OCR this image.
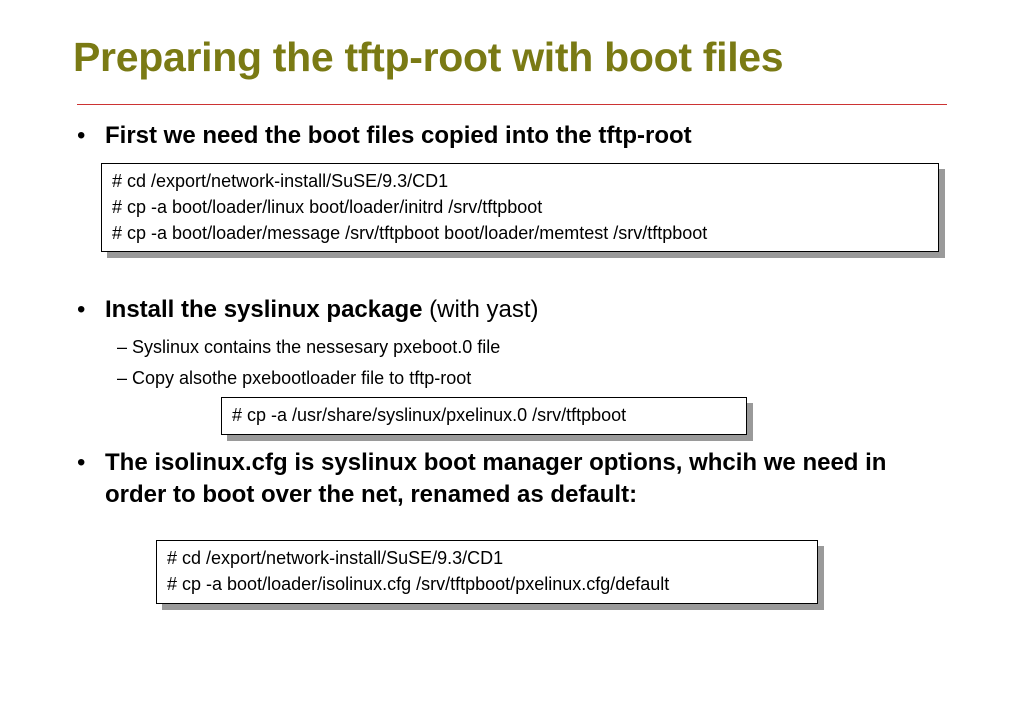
Preparing the tftp-root with boot files
• First we need the boot files copied into the tftp-root
# cd /export/network-install/SuSE/9.3/CD1
# cp -a boot/loader/linux boot/loader/initrd /srv/tftpboot
# cp -a boot/loader/message /srv/tftpboot boot/loader/memtest /srv/tftpboot
• Install the syslinux package (with yast)
– Syslinux contains the nessesary pxeboot.0 file
– Copy alsothe pxebootloader file to tftp-root
# cp -a /usr/share/syslinux/pxelinux.0 /srv/tftpboot
• The isolinux.cfg is syslinux boot manager options, whcih we need in order to boot over the net, renamed as default:
# cd /export/network-install/SuSE/9.3/CD1
# cp -a boot/loader/isolinux.cfg /srv/tftpboot/pxelinux.cfg/default
